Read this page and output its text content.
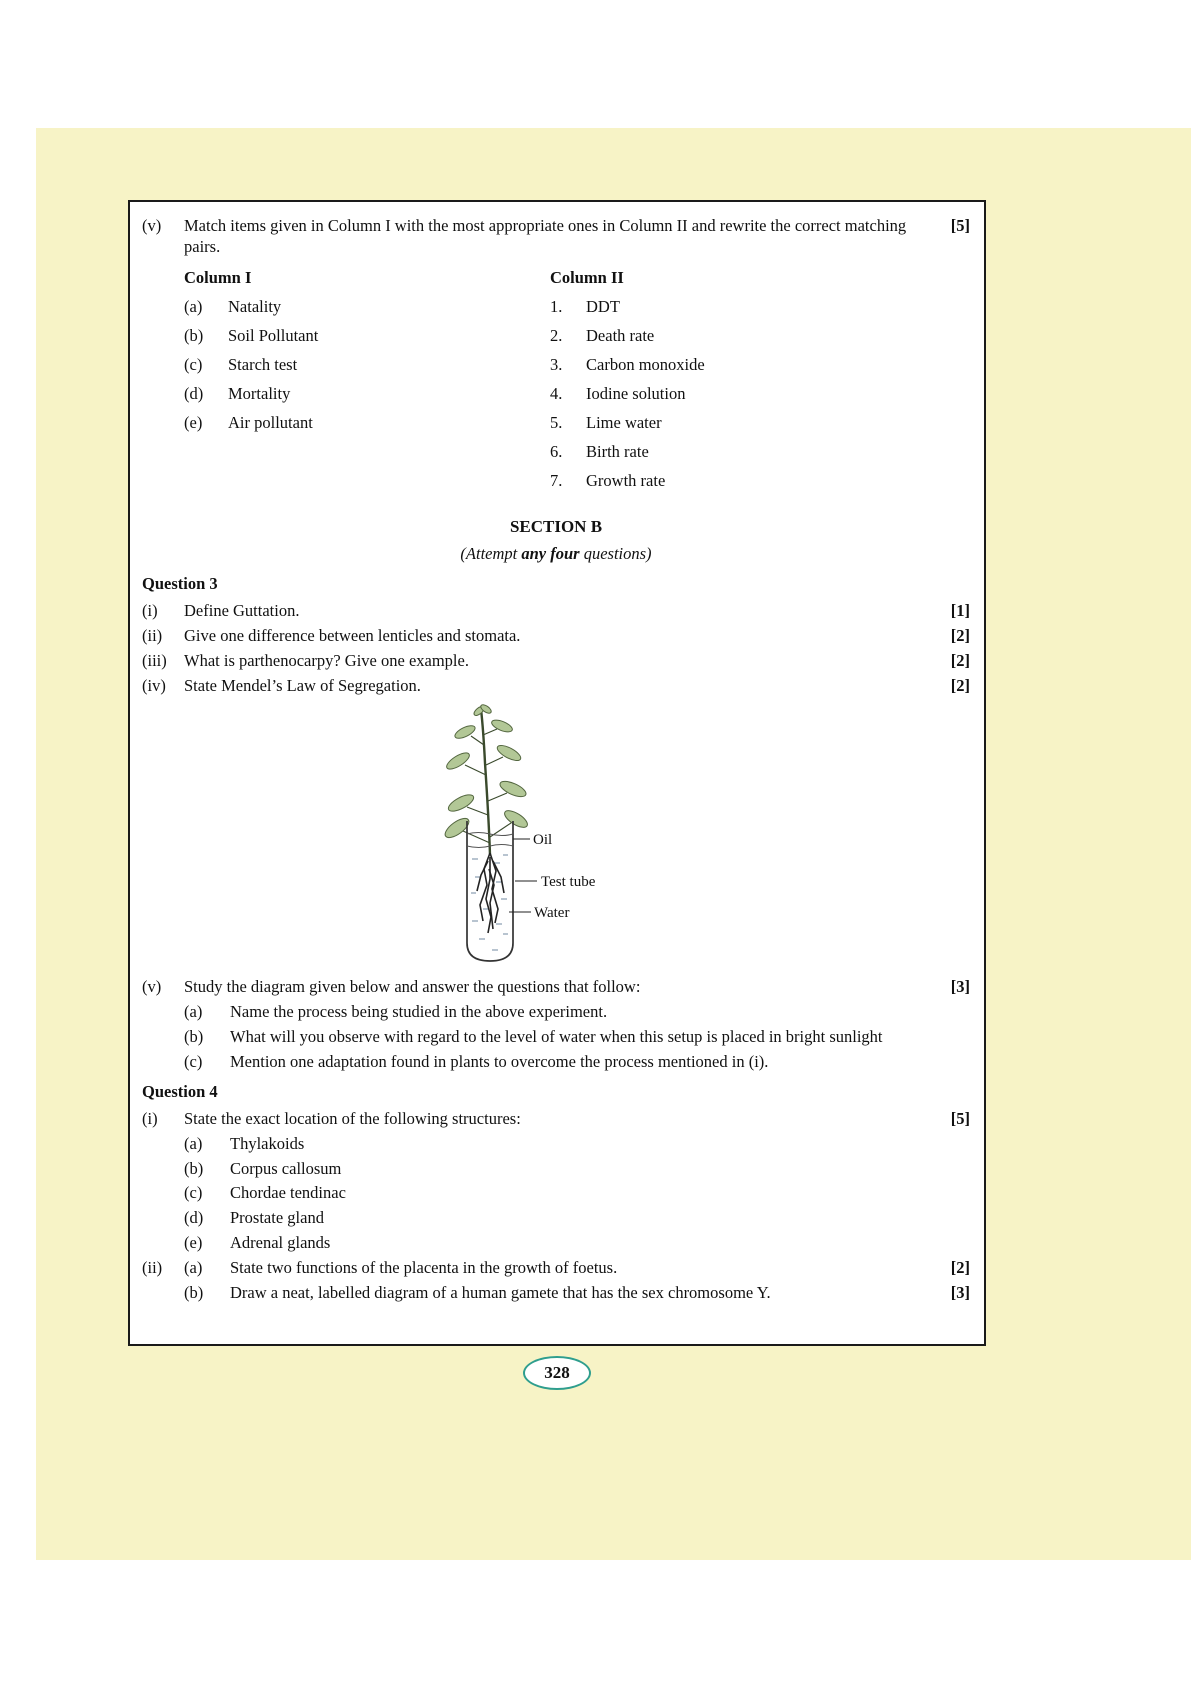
(v)	Match items given in Column I with the most appropriate ones in Column II and rewrite the correct matching pairs.
[5]
Column I
(a)	Natality
(b)	Soil Pollutant
(c)	Starch test
(d)	Mortality
(e)	Air pollutant
Column II
1.	DDT
2.	Death rate
3.	Carbon monoxide
4.	Iodine solution
5.	Lime water
6.	Birth rate
7.	Growth rate
SECTION B
(Attempt any four questions)
Question 3
(i)	Define Guttation.	[1]
(ii)	Give one difference between lenticles and stomata.	[2]
(iii)	What is parthenocarpy? Give one example.	[2]
(iv)	State Mendel’s Law of Segregation.	[2]
Oil
Test tube
Water
(v)	Study the diagram given below and answer the questions that follow:	[3]
(a)	Name the process being studied in the above experiment.
(b)	What will you observe with regard to the level of water when this setup is placed in bright sunlight
(c)	Mention one adaptation found in plants to overcome the process mentioned in (i).
Question 4
(i)	State the exact location of the following structures:	[5]
(a)	Thylakoids
(b)	Corpus callosum
(c)	Chordae tendinac
(d)	Prostate gland
(e)	Adrenal glands
(ii)	(a)	State two functions of the placenta in the growth of foetus.	[2]
(b)	Draw a neat, labelled diagram of a human gamete that has the sex chromosome Y.	[3]
328
